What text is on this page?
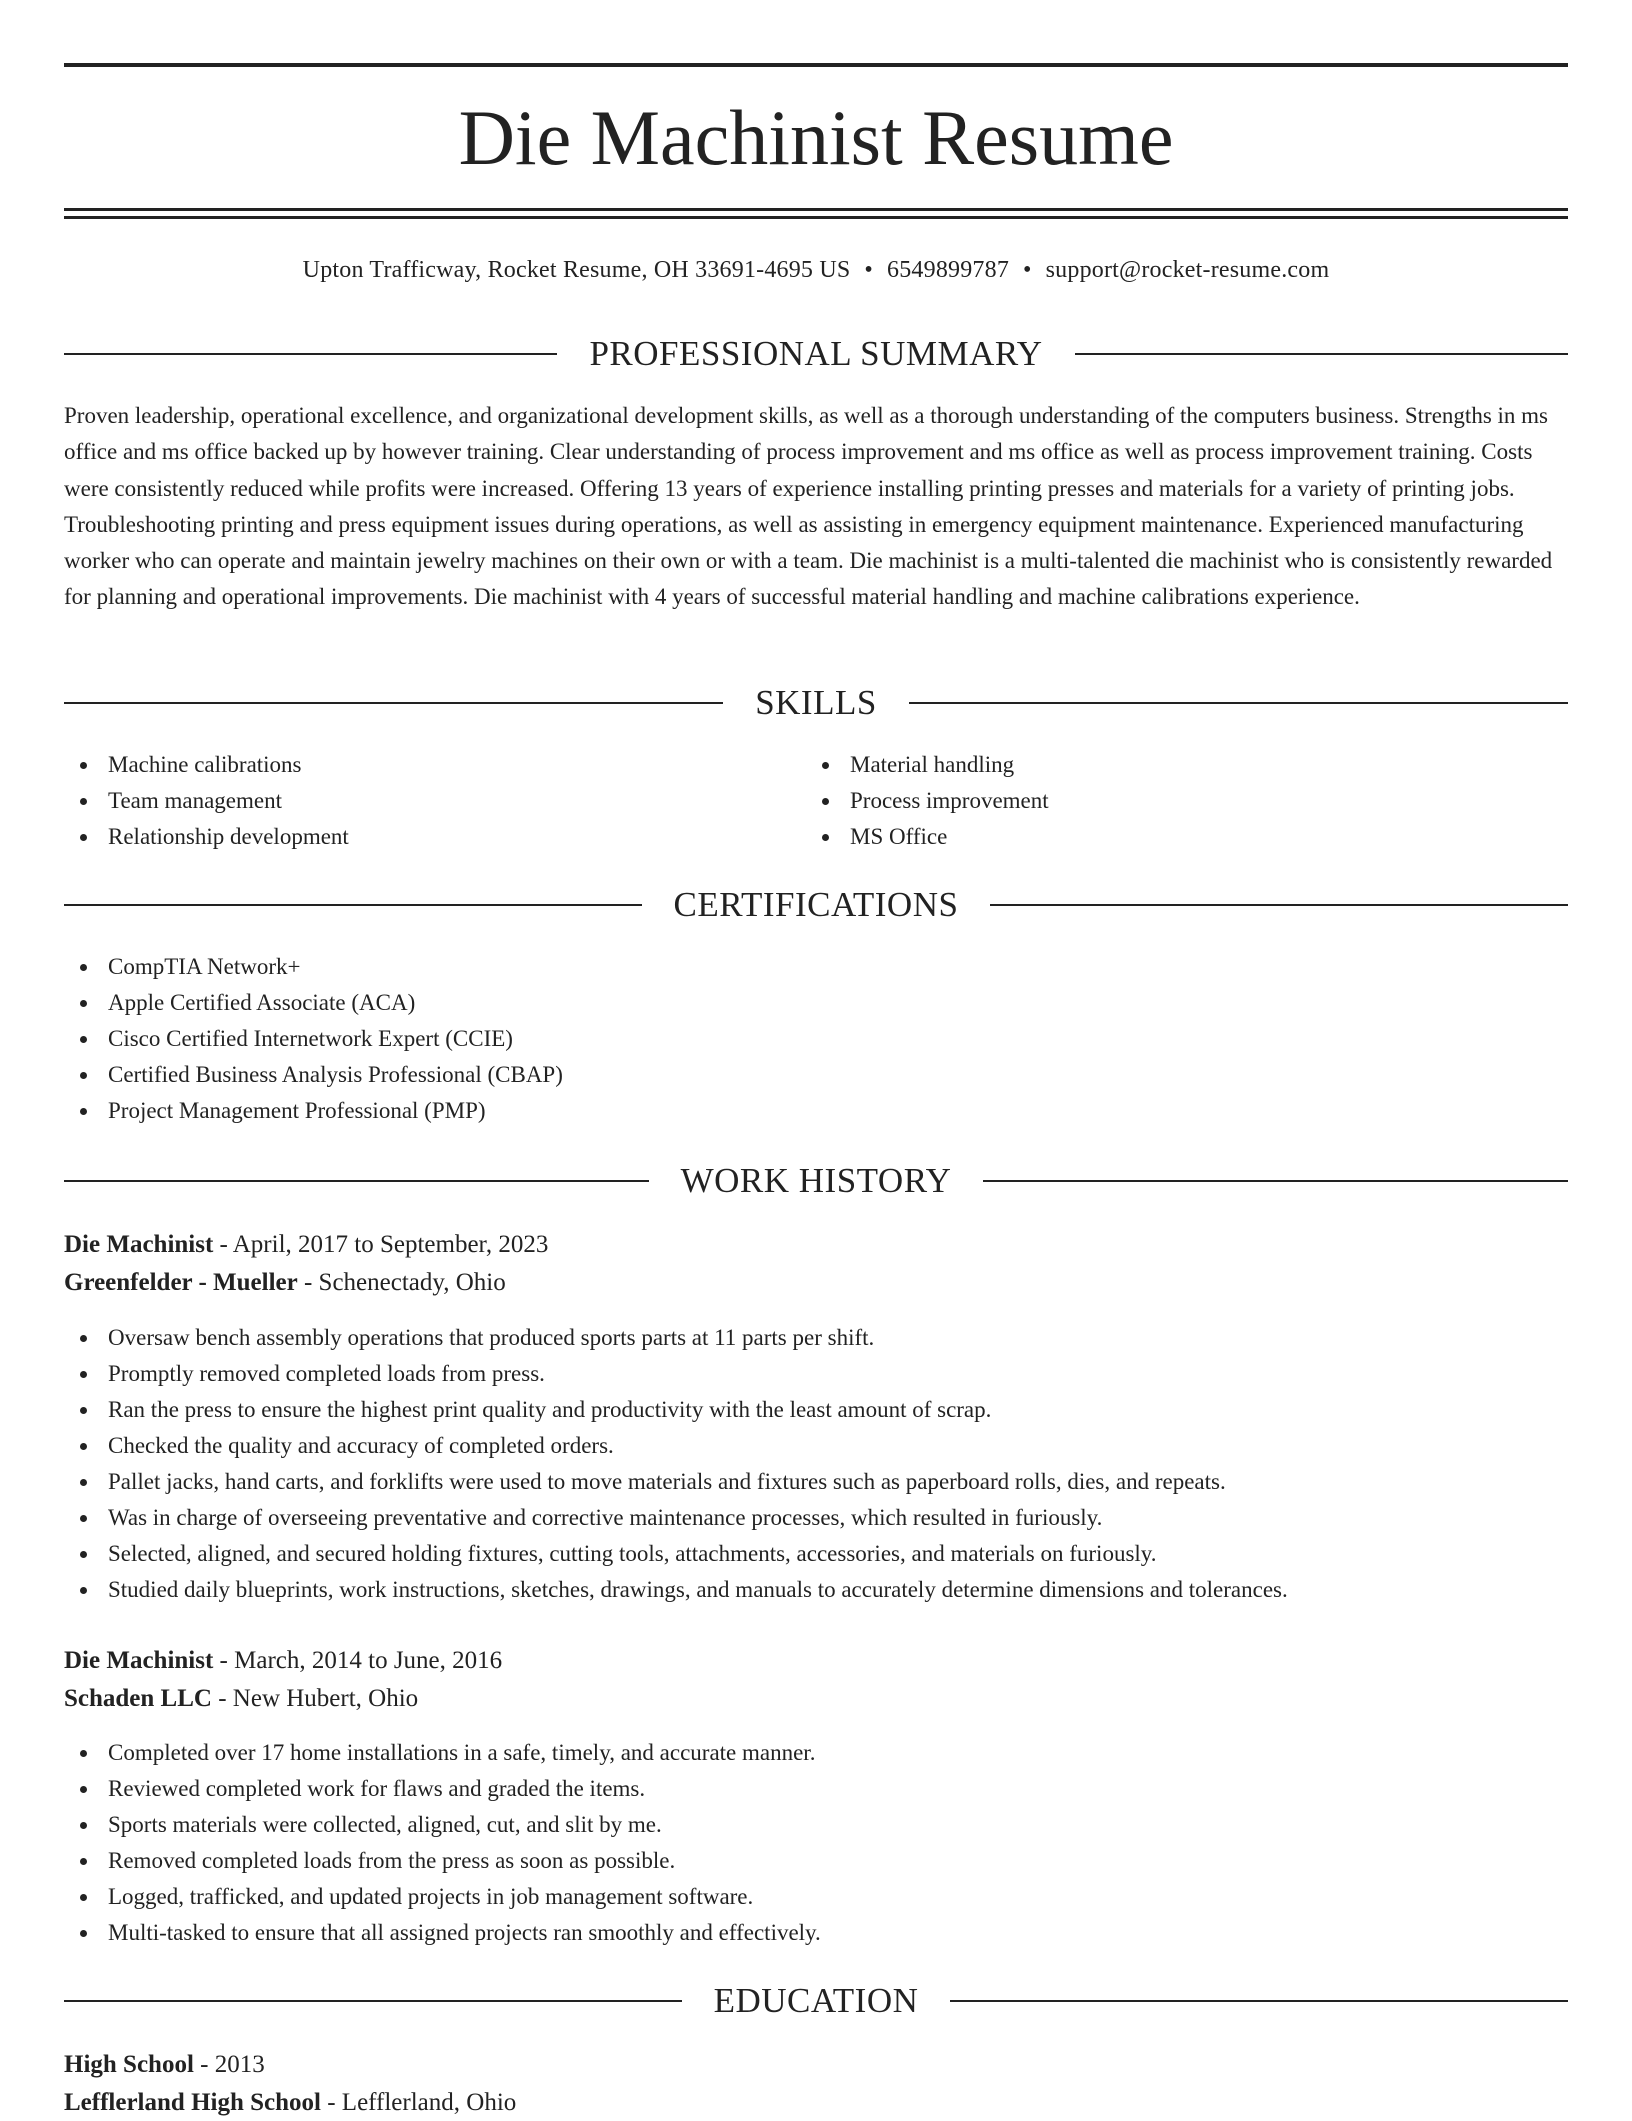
Die Machinist Resume
Upton Trafficway, Rocket Resume, OH 33691-4695 US • 6549899787 • support@rocket-resume.com
PROFESSIONAL SUMMARY

Proven leadership, operational excellence, and organizational development skills, as well as a thorough understanding of the computers business. Strengths in ms office and ms office backed up by however training. Clear understanding of process improvement and ms office as well as process improvement training. Costs were consistently reduced while profits were increased. Offering 13 years of experience installing printing presses and materials for a variety of printing jobs. Troubleshooting printing and press equipment issues during operations, as well as assisting in emergency equipment maintenance. Experienced manufacturing worker who can operate and maintain jewelry machines on their own or with a team. Die machinist is a multi-talented die machinist who is consistently rewarded for planning and operational improvements. Die machinist with 4 years of successful material handling and machine calibrations experience.

SKILLS
Machine calibrations
Team management
Relationship development
Material handling
Process improvement
MS Office
CERTIFICATIONS
CompTIA Network+
Apple Certified Associate (ACA)
Cisco Certified Internetwork Expert (CCIE)
Certified Business Analysis Professional (CBAP)
Project Management Professional (PMP)
WORK HISTORY
Die Machinist - April, 2017 to September, 2023
Greenfelder - Mueller - Schenectady, Ohio
Oversaw bench assembly operations that produced sports parts at 11 parts per shift.
Promptly removed completed loads from press.
Ran the press to ensure the highest print quality and productivity with the least amount of scrap.
Checked the quality and accuracy of completed orders.
Pallet jacks, hand carts, and forklifts were used to move materials and fixtures such as paperboard rolls, dies, and repeats.
Was in charge of overseeing preventative and corrective maintenance processes, which resulted in furiously.
Selected, aligned, and secured holding fixtures, cutting tools, attachments, accessories, and materials on furiously.
Studied daily blueprints, work instructions, sketches, drawings, and manuals to accurately determine dimensions and tolerances.
Die Machinist - March, 2014 to June, 2016
Schaden LLC - New Hubert, Ohio
Completed over 17 home installations in a safe, timely, and accurate manner.
Reviewed completed work for flaws and graded the items.
Sports materials were collected, aligned, cut, and slit by me.
Removed completed loads from the press as soon as possible.
Logged, trafficked, and updated projects in job management software.
Multi-tasked to ensure that all assigned projects ran smoothly and effectively.
EDUCATION
High School - 2013
Lefflerland High School - Lefflerland, Ohio
